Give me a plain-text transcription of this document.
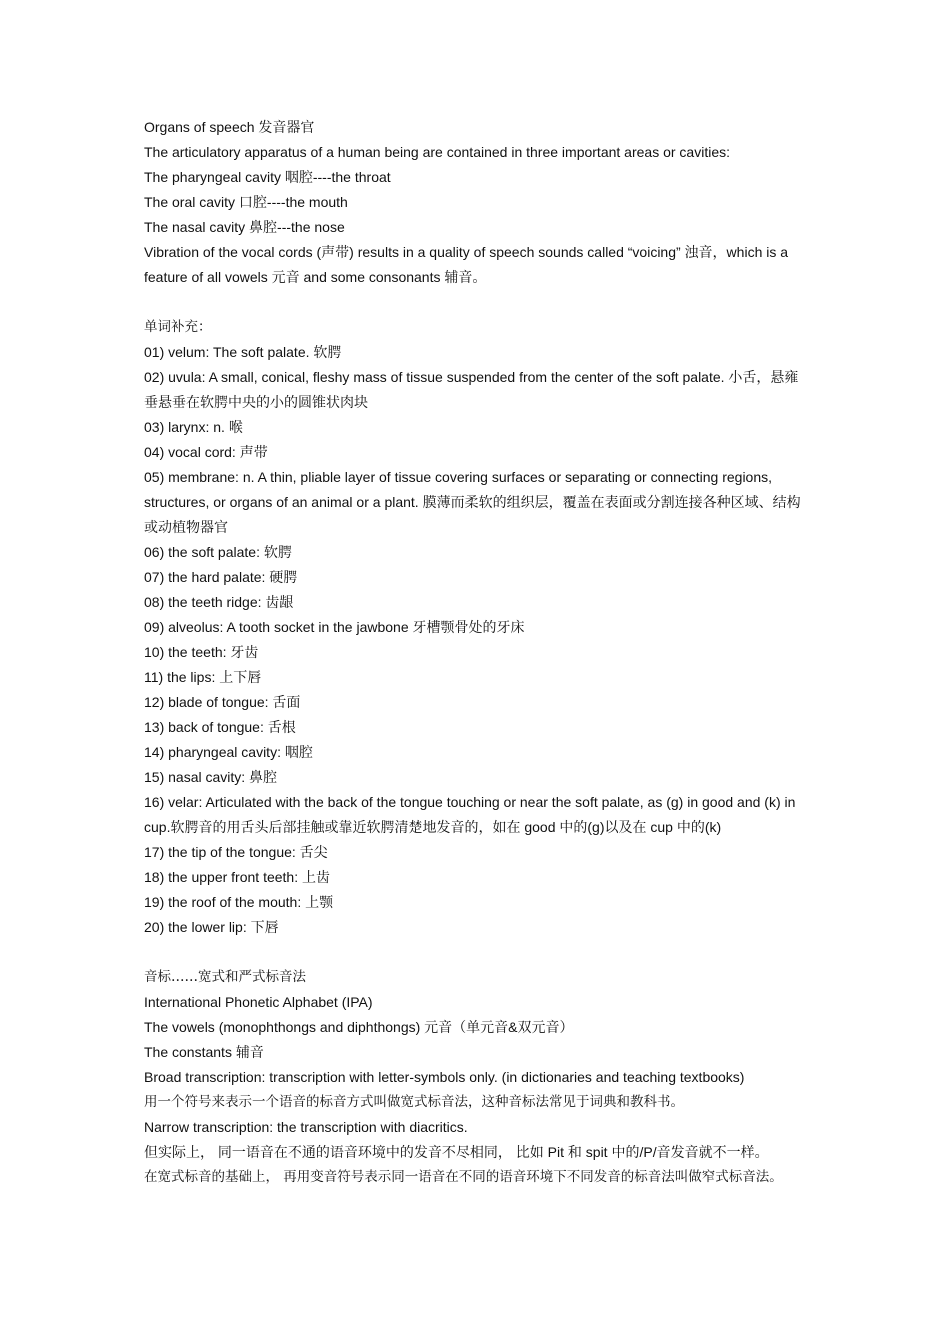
Organs of speech 发音器官

The articulatory apparatus of a human being are contained in three important areas or cavities:

The pharyngeal cavity 咽腔----the throat

The oral cavity 口腔----the mouth

The nasal cavity 鼻腔---the nose

Vibration of the vocal cords (声带) results in a quality of speech sounds called “voicing” 浊音，which is a feature of all vowels 元音 and some consonants 辅音。

单词补充：

01) velum: The soft palate. 软腭

02) uvula: A small, conical, fleshy mass of tissue suspended from the center of the soft palate. 小舌，悬雍垂悬垂在软腭中央的小的圆锥状肉块

03) larynx: n. 喉

04) vocal cord: 声带

05) membrane: n. A thin, pliable layer of tissue covering surfaces or separating or connecting regions, structures, or organs of an animal or a plant. 膜薄而柔软的组织层，覆盖在表面或分割连接各种区域、结构或动植物器官

06) the soft palate: 软腭

07) the hard palate: 硬腭

08) the teeth ridge: 齿龈

09) alveolus: A tooth socket in the jawbone 牙槽颚骨处的牙床

10) the teeth: 牙齿

11) the lips: 上下唇

12) blade of tongue: 舌面

13) back of tongue: 舌根

14) pharyngeal cavity: 咽腔

15) nasal cavity: 鼻腔

16) velar: Articulated with the back of the tongue touching or near the soft palate, as (g) in good and (k) in cup.软腭音的用舌头后部挂触或靠近软腭清楚地发音的，如在 good 中的(g)以及在 cup 中的(k)

17) the tip of the tongue: 舌尖

18) the upper front teeth: 上齿

19) the roof of the mouth: 上颚

20) the lower lip: 下唇

音标……宽式和严式标音法

International Phonetic Alphabet (IPA)

The vowels (monophthongs and diphthongs) 元音（单元音&双元音）

The constants 辅音

Broad transcription: transcription with letter-symbols only. (in dictionaries and teaching textbooks)

用一个符号来表示一个语音的标音方式叫做宽式标音法，这种音标法常见于词典和教科书。

Narrow transcription: the transcription with diacritics.

但实际上， 同一语音在不通的语音环境中的发音不尽相同， 比如 Pit 和 spit 中的/P/音发音就不一样。

在宽式标音的基础上， 再用变音符号表示同一语音在不同的语音环境下不同发音的标音法叫做窄式标音法。
